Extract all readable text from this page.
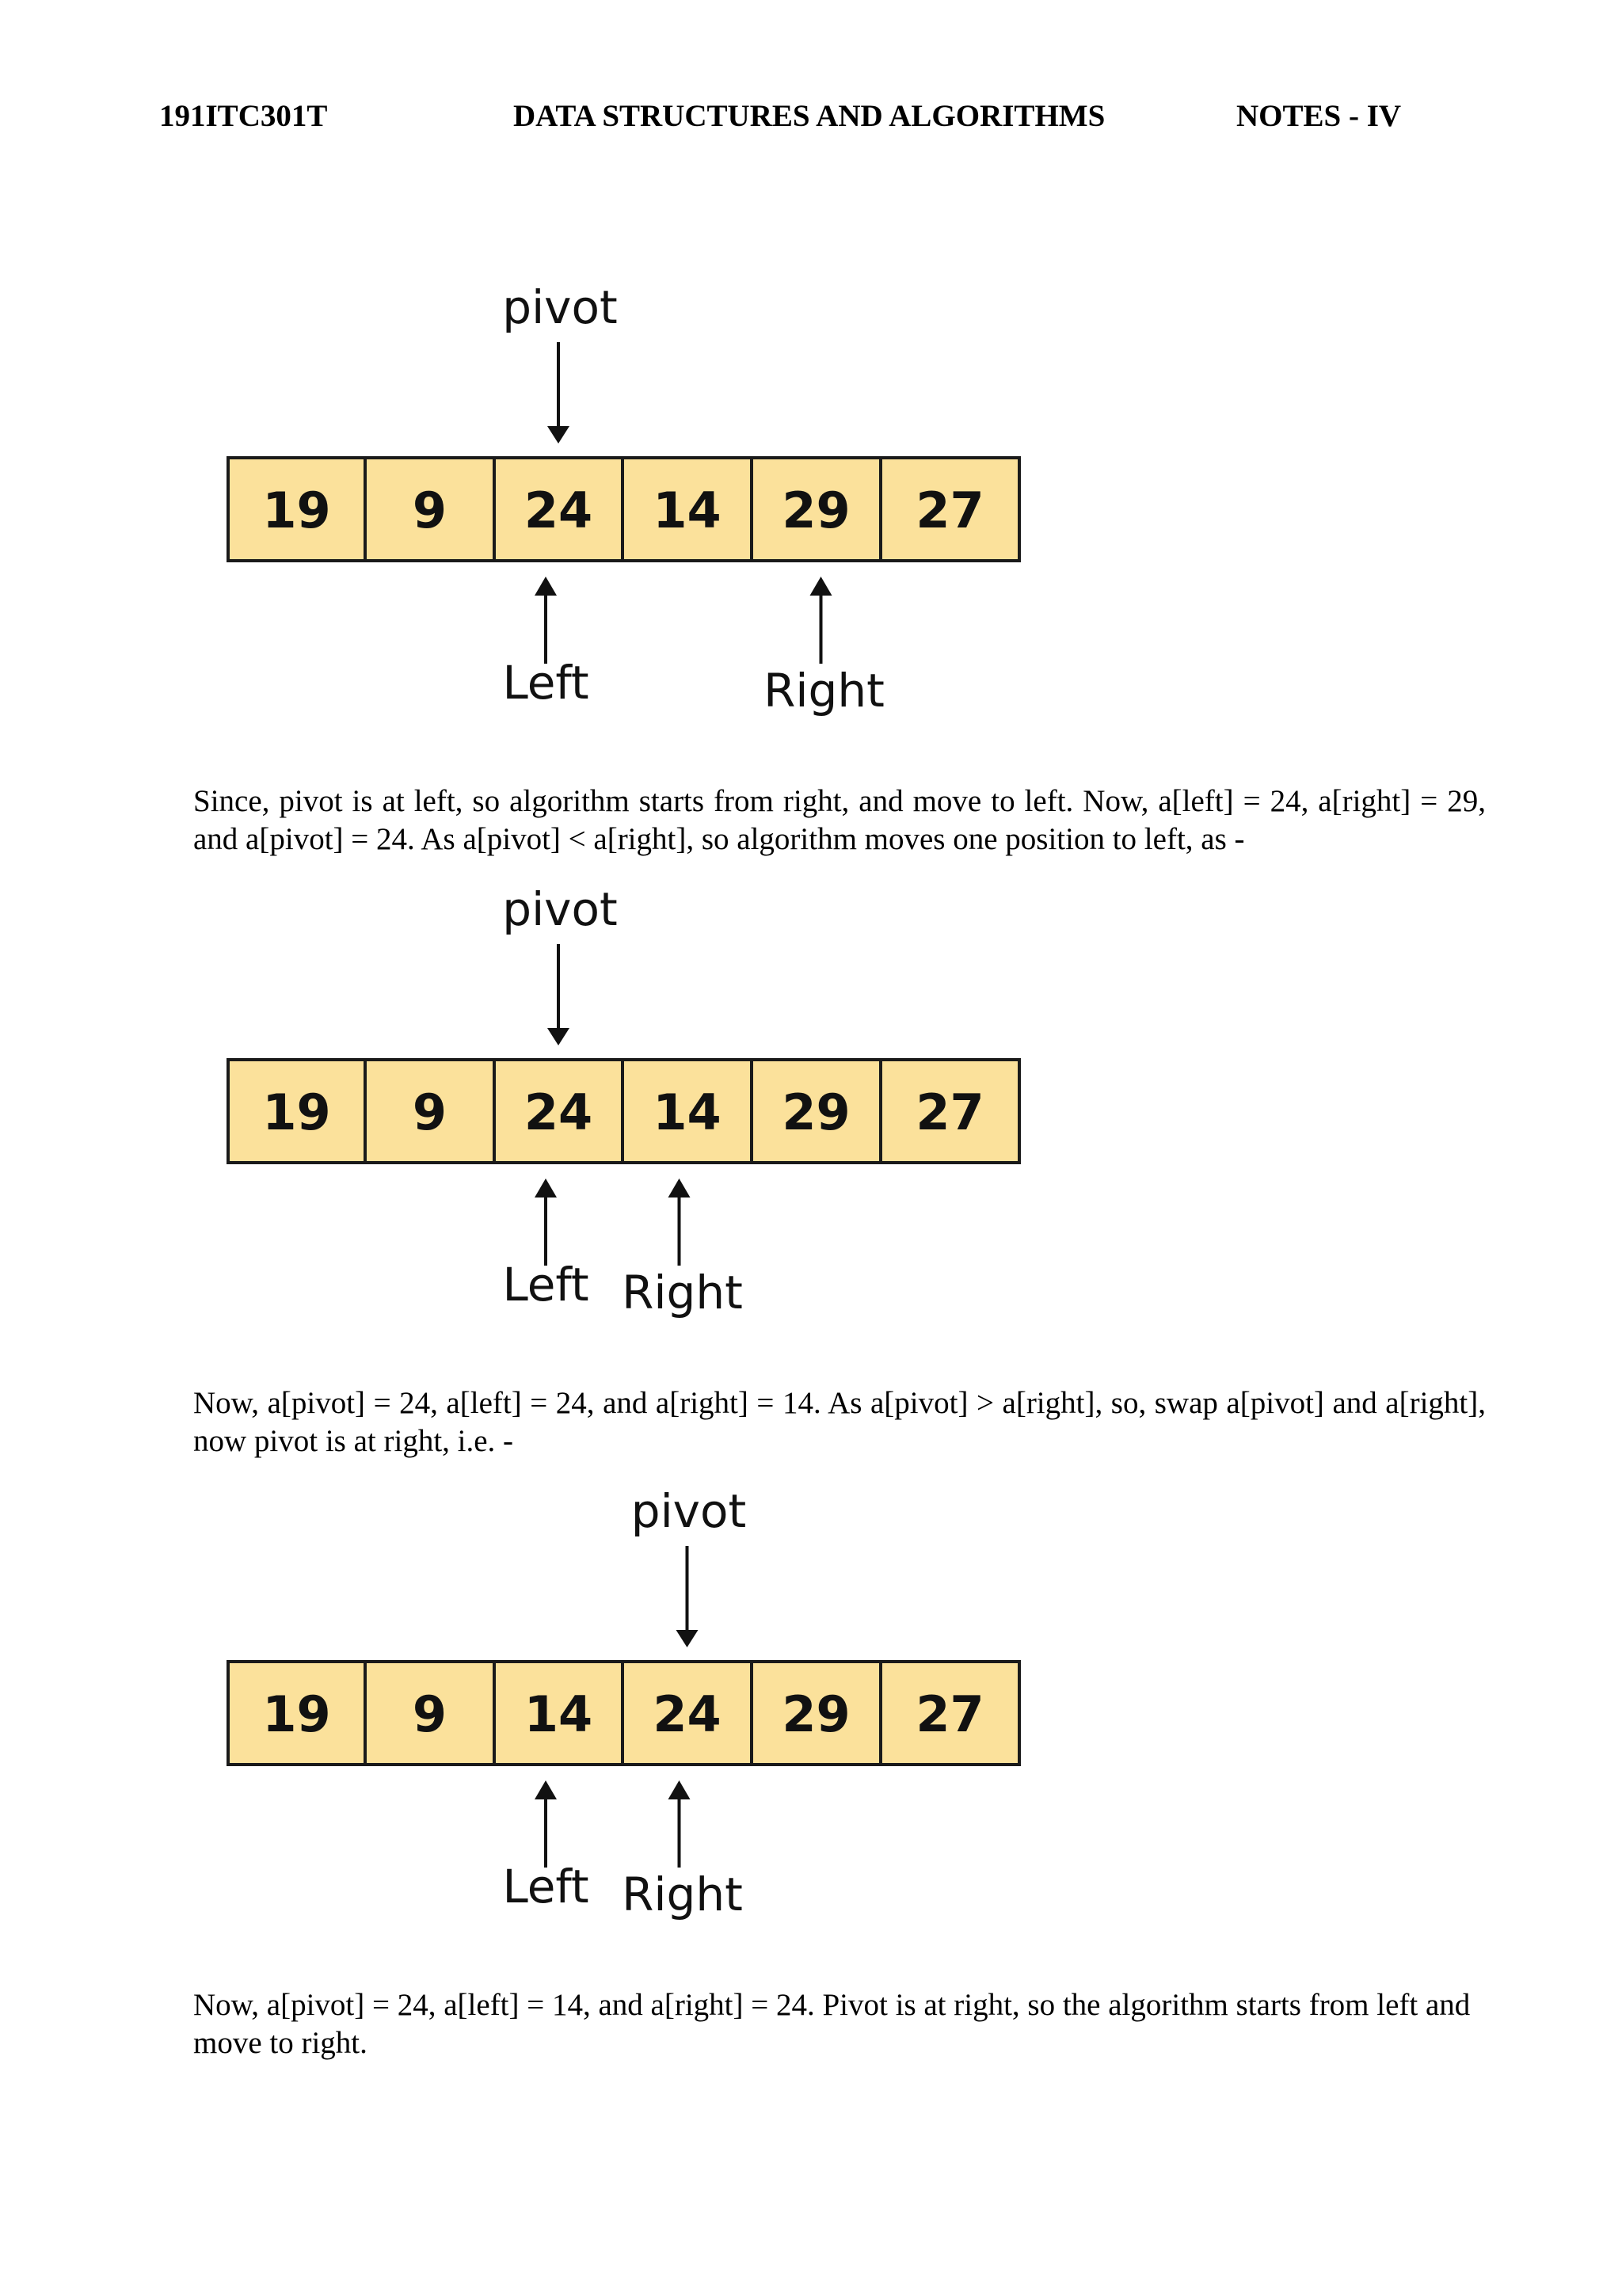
191ITC301T	DATA STRUCTURES AND ALGORITHMS	NOTES - IV
19 9 24 14 29 27
pivot
Left	Right

Since, pivot is at left, so algorithm starts from right, and move to left. Now, a[left] = 24, a[right] = 29, and a[pivot] = 24. As a[pivot] < a[right], so algorithm moves one position to left, as -

19 9 24 14 29 27
pivot
Left Right

Now, a[pivot] = 24, a[left] = 24, and a[right] = 14. As a[pivot] > a[right], so, swap a[pivot] and a[right], now pivot is at right, i.e. -

19 9 14 24 29 27
pivot
Left Right

Now, a[pivot] = 24, a[left] = 14, and a[right] = 24. Pivot is at right, so the algorithm starts from left and move to right.
